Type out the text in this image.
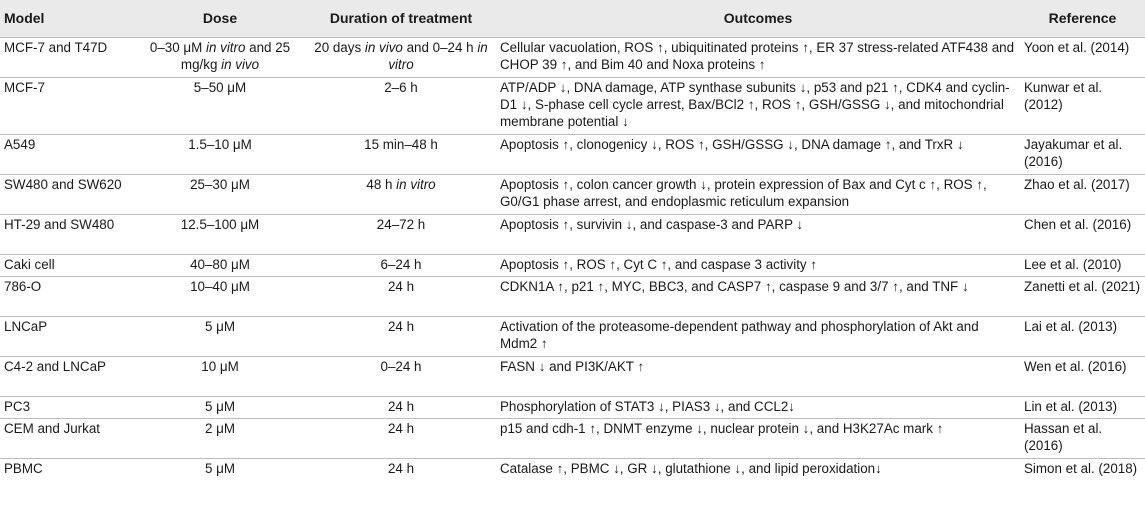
Model	Dose	Duration of treatment	Outcomes	Reference
MCF-7 and T47D	0–30 μM in vitro and 25 mg/kg in vivo	20 days in vivo and 0–24 h in vitro	Cellular vacuolation, ROS ↑, ubiquitinated proteins ↑, ER 37 stress-related ATF438 and CHOP 39 ↑, and Bim 40 and Noxa proteins ↑	Yoon et al. (2014)
MCF-7	5–50 μM	2–6 h	ATP/ADP ↓, DNA damage, ATP synthase subunits ↓, p53 and p21 ↑, CDK4 and cyclin-D1 ↓, S-phase cell cycle arrest, Bax/BCl2 ↑, ROS ↑, GSH/GSSG ↓, and mitochondrial membrane potential ↓	Kunwar et al. (2012)
A549	1.5–10 μM	15 min–48 h	Apoptosis ↑, clonogenicy ↓, ROS ↑, GSH/GSSG ↓, DNA damage ↑, and TrxR ↓	Jayakumar et al. (2016)
SW480 and SW620	25–30 μM	48 h in vitro	Apoptosis ↑, colon cancer growth ↓, protein expression of Bax and Cyt c ↑, ROS ↑, G0/G1 phase arrest, and endoplasmic reticulum expansion	Zhao et al. (2017)
HT-29 and SW480	12.5–100 μM	24–72 h	Apoptosis ↑, survivin ↓, and caspase-3 and PARP ↓	Chen et al. (2016)
Caki cell	40–80 μM	6–24 h	Apoptosis ↑, ROS ↑, Cyt C ↑, and caspase 3 activity ↑	Lee et al. (2010)
786-O	10–40 μM	24 h	CDKN1A ↑, p21 ↑, MYC, BBC3, and CASP7 ↑, caspase 9 and 3/7 ↑, and TNF ↓	Zanetti et al. (2021)
LNCaP	5 μM	24 h	Activation of the proteasome-dependent pathway and phosphorylation of Akt and Mdm2 ↑	Lai et al. (2013)
C4-2 and LNCaP	10 μM	0–24 h	FASN ↓ and PI3K/AKT ↑	Wen et al. (2016)
PC3	5 μM	24 h	Phosphorylation of STAT3 ↓, PIAS3 ↓, and CCL2↓	Lin et al. (2013)
CEM and Jurkat	2 μM	24 h	p15 and cdh-1 ↑, DNMT enzyme ↓, nuclear protein ↓, and H3K27Ac mark ↑	Hassan et al. (2016)
PBMC	5 μM	24 h	Catalase ↑, PBMC ↓, GR ↓, glutathione ↓, and lipid peroxidation↓	Simon et al. (2018)
